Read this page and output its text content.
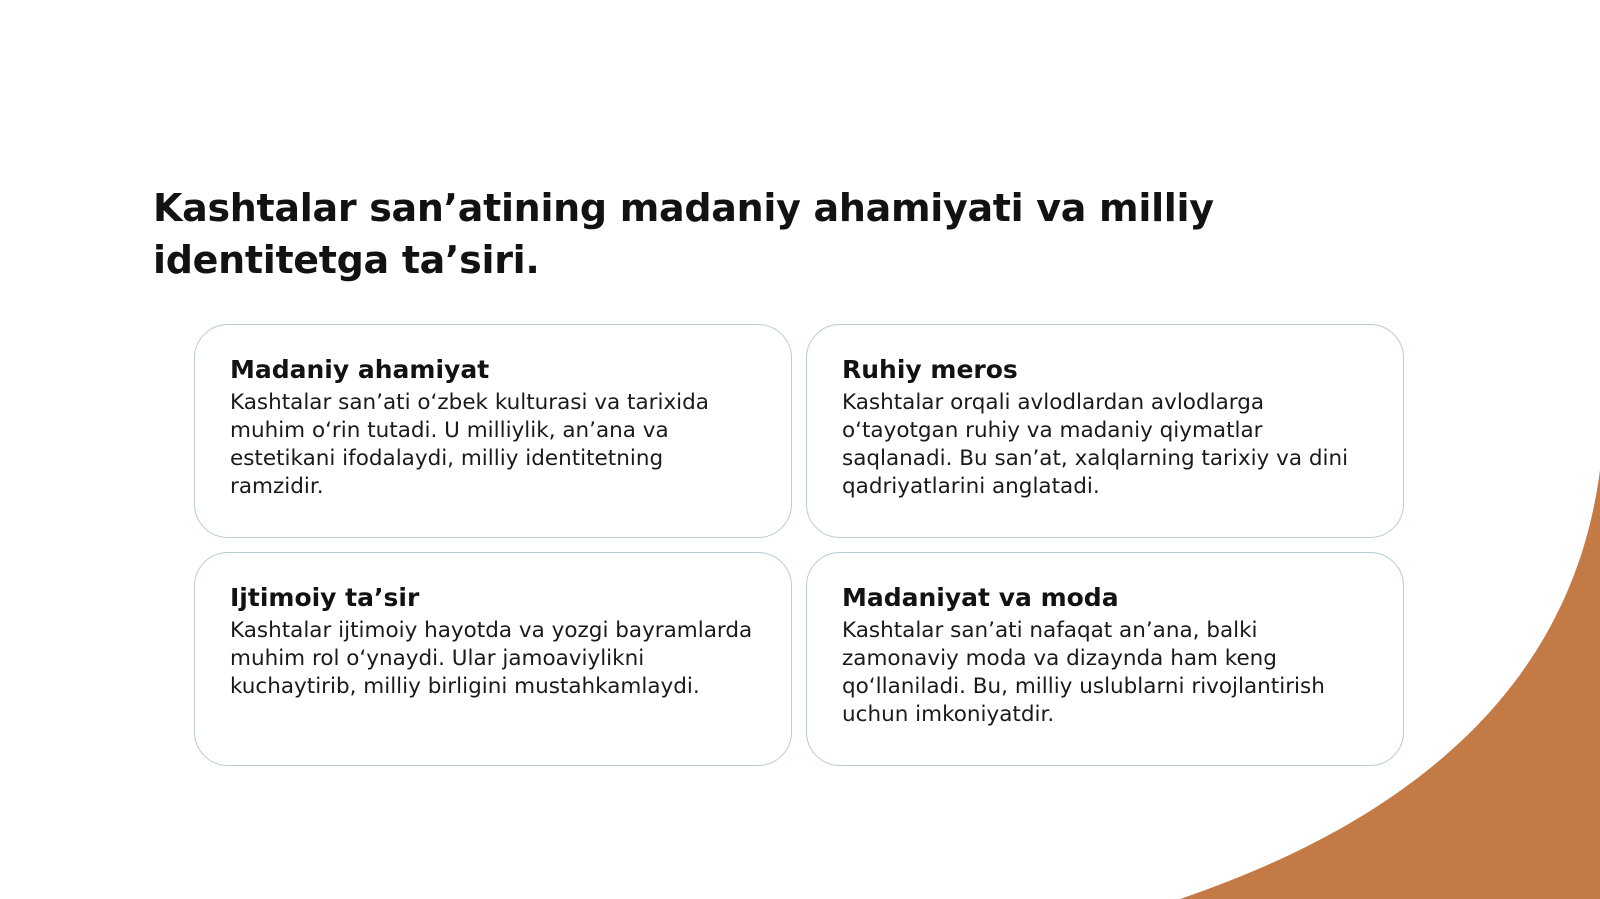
Kashtalar san’atining madaniy ahamiyati va milliy identitetga ta’siri.
Madaniy ahamiyat

Kashtalar san’ati o‘zbek kulturasi va tarixida muhim o‘rin tutadi. U milliylik, an’ana va estetikani ifodalaydi, milliy identitetning ramzidir.

Ruhiy meros

Kashtalar orqali avlodlardan avlodlarga o‘tayotgan ruhiy va madaniy qiymatlar saqlanadi. Bu san’at, xalqlarning tarixiy va dini qadriyatlarini anglatadi.

Ijtimoiy ta’sir

Kashtalar ijtimoiy hayotda va yozgi bayramlarda muhim rol o‘ynaydi. Ular jamoaviylikni kuchaytirib, milliy birligini mustahkamlaydi.

Madaniyat va moda

Kashtalar san’ati nafaqat an’ana, balki zamonaviy moda va dizaynda ham keng qo‘llaniladi. Bu, milliy uslublarni rivojlantirish uchun imkoniyatdir.
